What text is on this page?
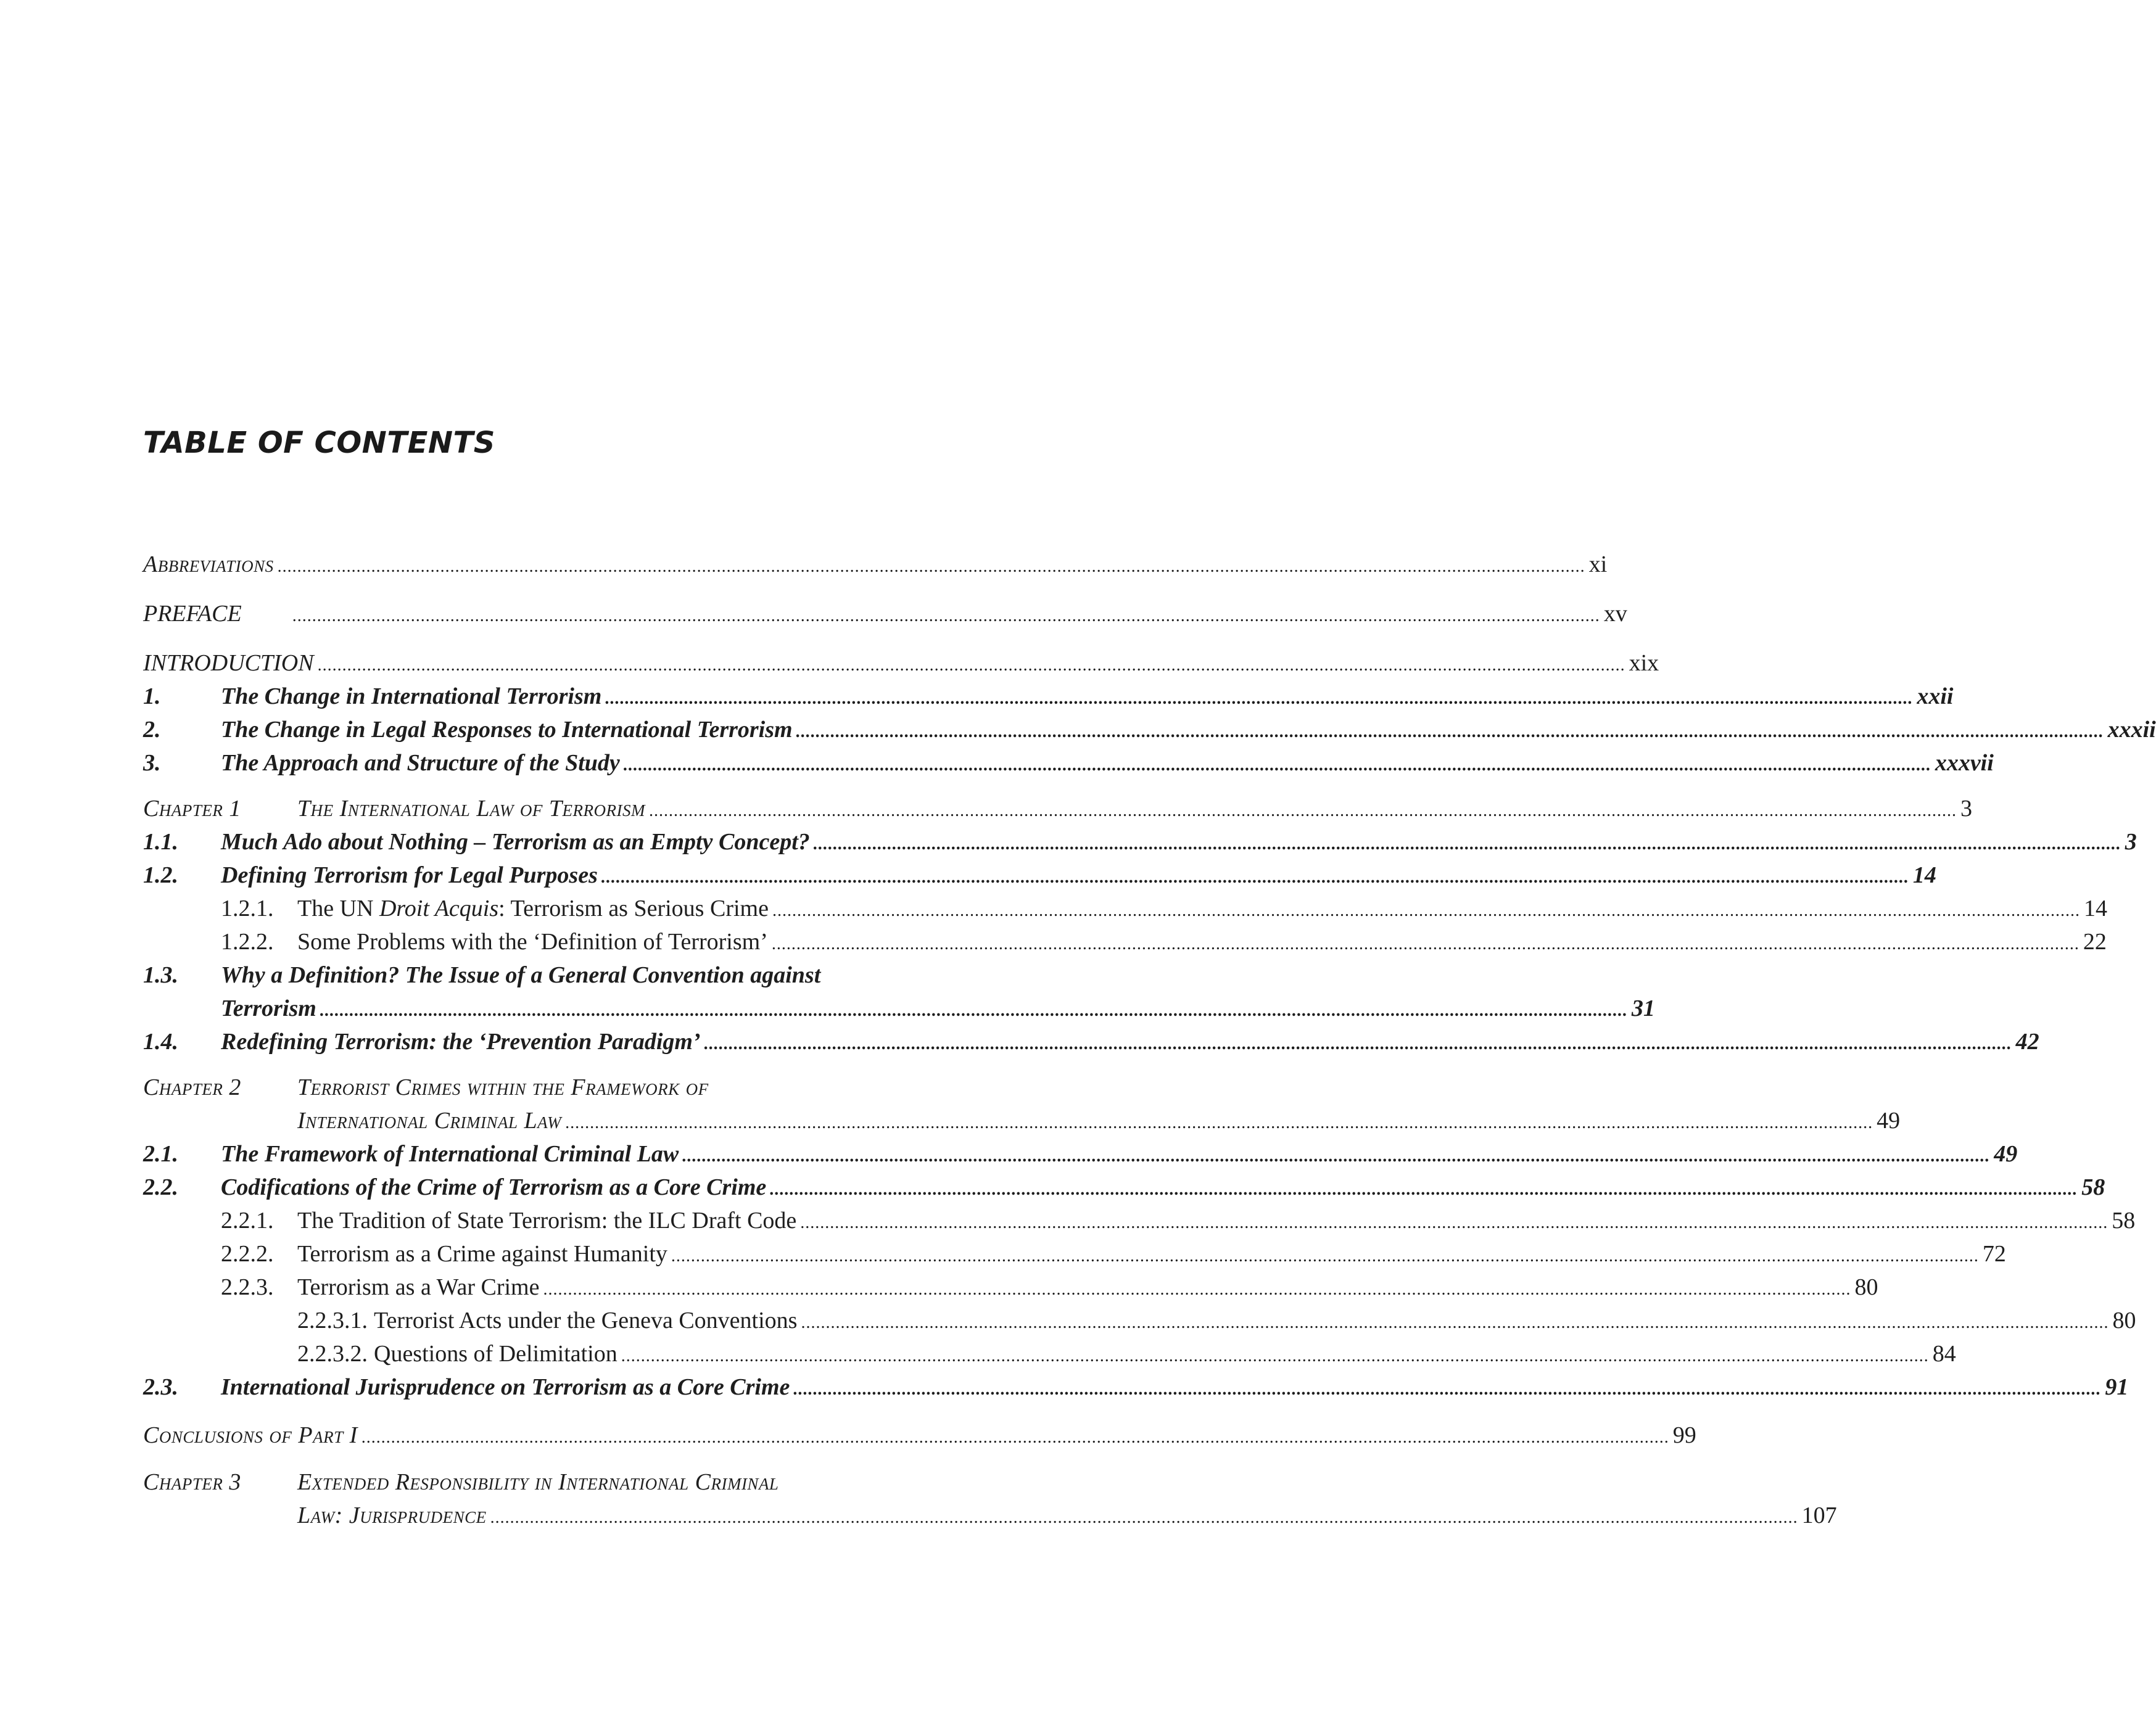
TABLE OF CONTENTS
Abbreviations .....	xi
PREFACE .....	xv
INTRODUCTION .....	xix
1.	The Change in International Terrorism .....	xxii
2.	The Change in Legal Responses to International Terrorism .....	xxxii
3.	The Approach and Structure of the Study .....	xxxvii
Chapter 1	The International Law of Terrorism .....	3
1.1.	Much Ado about Nothing – Terrorism as an Empty Concept? .....	3
1.2.	Defining Terrorism for Legal Purposes .....	14
1.2.1.	The UN Droit Acquis: Terrorism as Serious Crime .....	14
1.2.2.	Some Problems with the ‘Definition of Terrorism’ .....	22
1.3.	Why a Definition? The Issue of a General Convention against
Terrorism .....	31
1.4.	Redefining Terrorism: the ‘Prevention Paradigm’ .....	42
Chapter 2	Terrorist Crimes within the Framework of
International Criminal Law .....	49
2.1.	The Framework of International Criminal Law .....	49
2.2.	Codifications of the Crime of Terrorism as a Core Crime .....	58
2.2.1.	The Tradition of State Terrorism: the ILC Draft Code .....	58
2.2.2.	Terrorism as a Crime against Humanity .....	72
2.2.3.	Terrorism as a War Crime .....	80
2.2.3.1. Terrorist Acts under the Geneva Conventions .....	80
2.2.3.2. Questions of Delimitation .....	84
2.3.	International Jurisprudence on Terrorism as a Core Crime .....	91
Conclusions of Part I .....	99
Chapter 3	Extended Responsibility in International Criminal
Law: Jurisprudence .....	107
